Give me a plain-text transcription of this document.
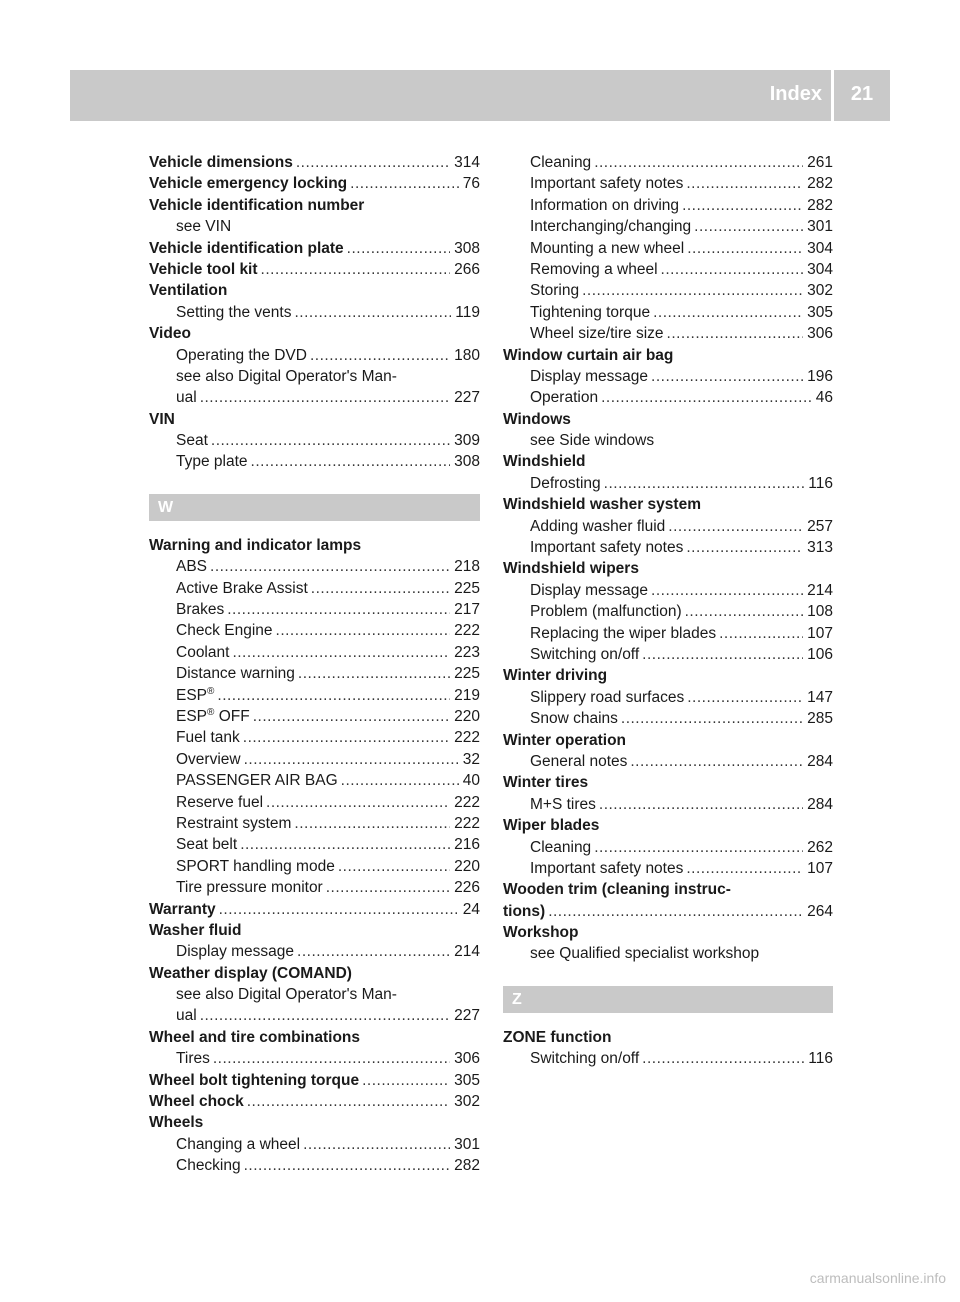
Index	21
Vehicle dimensions .....	314
Vehicle emergency locking .....	76
Vehicle identification number
see VIN
Vehicle identification plate .....	308
Vehicle tool kit .....	266
Ventilation
Setting the vents .....	119
Video
Operating the DVD .....	180
see also Digital Operator's Man-
ual .....	227
VIN
Seat .....	309
Type plate .....	308
W
Warning and indicator lamps
ABS .....	218
Active Brake Assist .....	225
Brakes .....	217
Check Engine .....	222
Coolant .....	223
Distance warning .....	225
ESP® .....	219
ESP® OFF .....	220
Fuel tank .....	222
Overview .....	32
PASSENGER AIR BAG .....	40
Reserve fuel .....	222
Restraint system .....	222
Seat belt .....	216
SPORT handling mode .....	220
Tire pressure monitor .....	226
Warranty .....	24
Washer fluid
Display message .....	214
Weather display (COMAND)
see also Digital Operator's Man-
ual .....	227
Wheel and tire combinations
Tires .....	306
Wheel bolt tightening torque .....	305
Wheel chock .....	302
Wheels
Changing a wheel .....	301
Checking .....	282
Cleaning .....	261
Important safety notes .....	282
Information on driving .....	282
Interchanging/changing .....	301
Mounting a new wheel .....	304
Removing a wheel .....	304
Storing .....	302
Tightening torque .....	305
Wheel size/tire size .....	306
Window curtain air bag
Display message .....	196
Operation .....	46
Windows
see Side windows
Windshield
Defrosting .....	116
Windshield washer system
Adding washer fluid .....	257
Important safety notes .....	313
Windshield wipers
Display message .....	214
Problem (malfunction) .....	108
Replacing the wiper blades .....	107
Switching on/off .....	106
Winter driving
Slippery road surfaces .....	147
Snow chains .....	285
Winter operation
General notes .....	284
Winter tires
M+S tires .....	284
Wiper blades
Cleaning .....	262
Important safety notes .....	107
Wooden trim (cleaning instruc-
tions) .....	264
Workshop
see Qualified specialist workshop
Z
ZONE function
Switching on/off .....	116
carmanualsonline.info
